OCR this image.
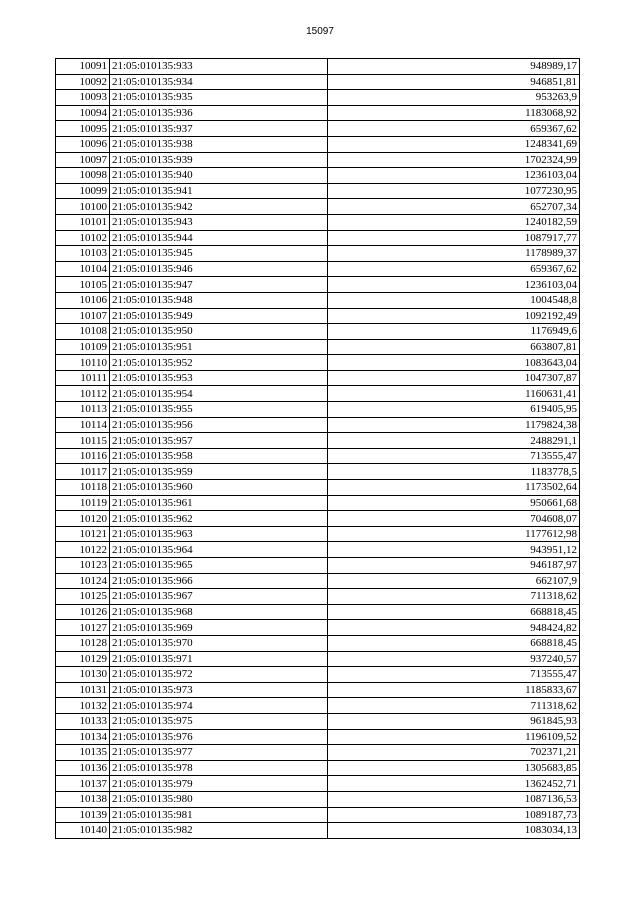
15097
10091	21:05:010135:933	948989,17
10092	21:05:010135:934	946851,81
10093	21:05:010135:935	953263,9
10094	21:05:010135:936	1183068,92
10095	21:05:010135:937	659367,62
10096	21:05:010135:938	1248341,69
10097	21:05:010135:939	1702324,99
10098	21:05:010135:940	1236103,04
10099	21:05:010135:941	1077230,95
10100	21:05:010135:942	652707,34
10101	21:05:010135:943	1240182,59
10102	21:05:010135:944	1087917,77
10103	21:05:010135:945	1178989,37
10104	21:05:010135:946	659367,62
10105	21:05:010135:947	1236103,04
10106	21:05:010135:948	1004548,8
10107	21:05:010135:949	1092192,49
10108	21:05:010135:950	1176949,6
10109	21:05:010135:951	663807,81
10110	21:05:010135:952	1083643,04
10111	21:05:010135:953	1047307,87
10112	21:05:010135:954	1160631,41
10113	21:05:010135:955	619405,95
10114	21:05:010135:956	1179824,38
10115	21:05:010135:957	2488291,1
10116	21:05:010135:958	713555,47
10117	21:05:010135:959	1183778,5
10118	21:05:010135:960	1173502,64
10119	21:05:010135:961	950661,68
10120	21:05:010135:962	704608,07
10121	21:05:010135:963	1177612,98
10122	21:05:010135:964	943951,12
10123	21:05:010135:965	946187,97
10124	21:05:010135:966	662107,9
10125	21:05:010135:967	711318,62
10126	21:05:010135:968	668818,45
10127	21:05:010135:969	948424,82
10128	21:05:010135:970	668818,45
10129	21:05:010135:971	937240,57
10130	21:05:010135:972	713555,47
10131	21:05:010135:973	1185833,67
10132	21:05:010135:974	711318,62
10133	21:05:010135:975	961845,93
10134	21:05:010135:976	1196109,52
10135	21:05:010135:977	702371,21
10136	21:05:010135:978	1305683,85
10137	21:05:010135:979	1362452,71
10138	21:05:010135:980	1087136,53
10139	21:05:010135:981	1089187,73
10140	21:05:010135:982	1083034,13
